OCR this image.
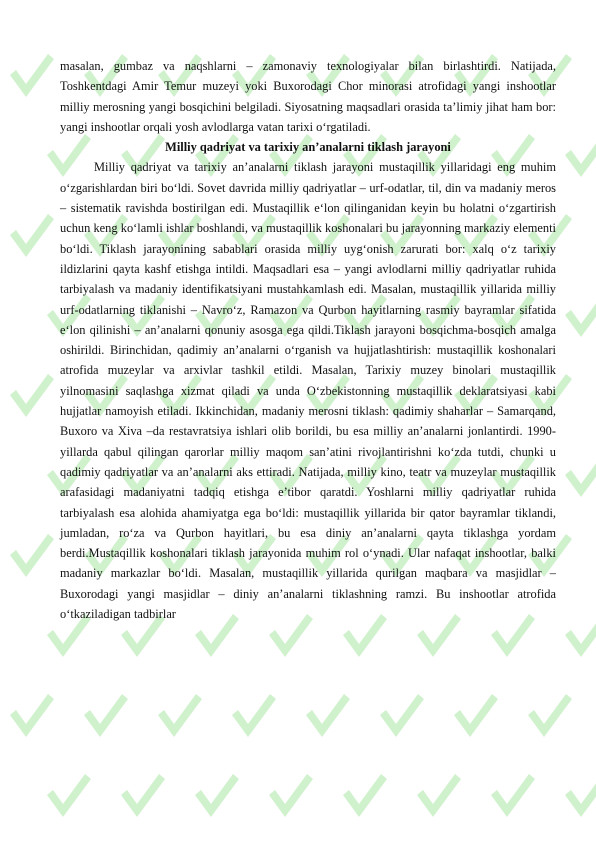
masalan, gumbaz va naqshlarni – zamonaviy texnologiyalar bilan birlashtirdi. Natijada, Toshkentdagi Amir Temur muzeyi yoki Buxorodagi Chor minorasi atrofidagi yangi inshootlar milliy merosning yangi bosqichini belgiladi. Siyosatning maqsadlari orasida ta’limiy jihat ham bor: yangi inshootlar orqali yosh avlodlarga vatan tarixi o‘rgatiladi.

Milliy qadriyat va tarixiy an’analarni tiklash jarayoni

Milliy qadriyat va tarixiy an’analarni tiklash jarayoni mustaqillik yillaridagi eng muhim o‘zgarishlardan biri bo‘ldi. Sovet davrida milliy qadriyatlar – urf-odatlar, til, din va madaniy meros – sistematik ravishda bostirilgan edi. Mustaqillik e‘lon qilinganidan keyin bu holatni o‘zgartirish uchun keng ko‘lamli ishlar boshlandi, va mustaqillik koshonalari bu jarayonning markaziy elementi bo‘ldi. Tiklash jarayonining sabablari orasida milliy uyg‘onish zarurati bor: xalq o‘z tarixiy ildizlarini qayta kashf etishga intildi. Maqsadlari esa – yangi avlodlarni milliy qadriyatlar ruhida tarbiyalash va madaniy identifikatsiyani mustahkamlash edi. Masalan, mustaqillik yillarida milliy urf-odatlarning tiklanishi – Navro‘z, Ramazon va Qurbon hayitlarning rasmiy bayramlar sifatida e‘lon qilinishi – an’analarni qonuniy asosga ega qildi.Tiklash jarayoni bosqichma-bosqich amalga oshirildi. Birinchidan, qadimiy an’analarni o‘rganish va hujjatlashtirish: mustaqillik koshonalari atrofida muzeylar va arxivlar tashkil etildi. Masalan, Tarixiy muzey binolari mustaqillik yilnomasini saqlashga xizmat qiladi va unda O‘zbekistonning mustaqillik deklaratsiyasi kabi hujjatlar namoyish etiladi. Ikkinchidan, madaniy merosni tiklash: qadimiy shaharlar – Samarqand, Buxoro va Xiva –da restavratsiya ishlari olib borildi, bu esa milliy an’analarni jonlantirdi. 1990-yillarda qabul qilingan qarorlar milliy maqom san’atini rivojlantirishni ko‘zda tutdi, chunki u qadimiy qadriyatlar va an’analarni aks ettiradi. Natijada, milliy kino, teatr va muzeylar mustaqillik arafasidagi madaniyatni tadqiq etishga e’tibor qaratdi. Yoshlarni milliy qadriyatlar ruhida tarbiyalash esa alohida ahamiyatga ega bo‘ldi: mustaqillik yillarida bir qator bayramlar tiklandi, jumladan, ro‘za va Qurbon hayitlari, bu esa diniy an’analarni qayta tiklashga yordam berdi.Mustaqillik koshonalari tiklash jarayonida muhim rol o‘ynadi. Ular nafaqat inshootlar, balki madaniy markazlar bo‘ldi. Masalan, mustaqillik yillarida qurilgan maqbara va masjidlar – Buxorodagi yangi masjidlar – diniy an’analarni tiklashning ramzi. Bu inshootlar atrofida o‘tkaziladigan tadbirlar
